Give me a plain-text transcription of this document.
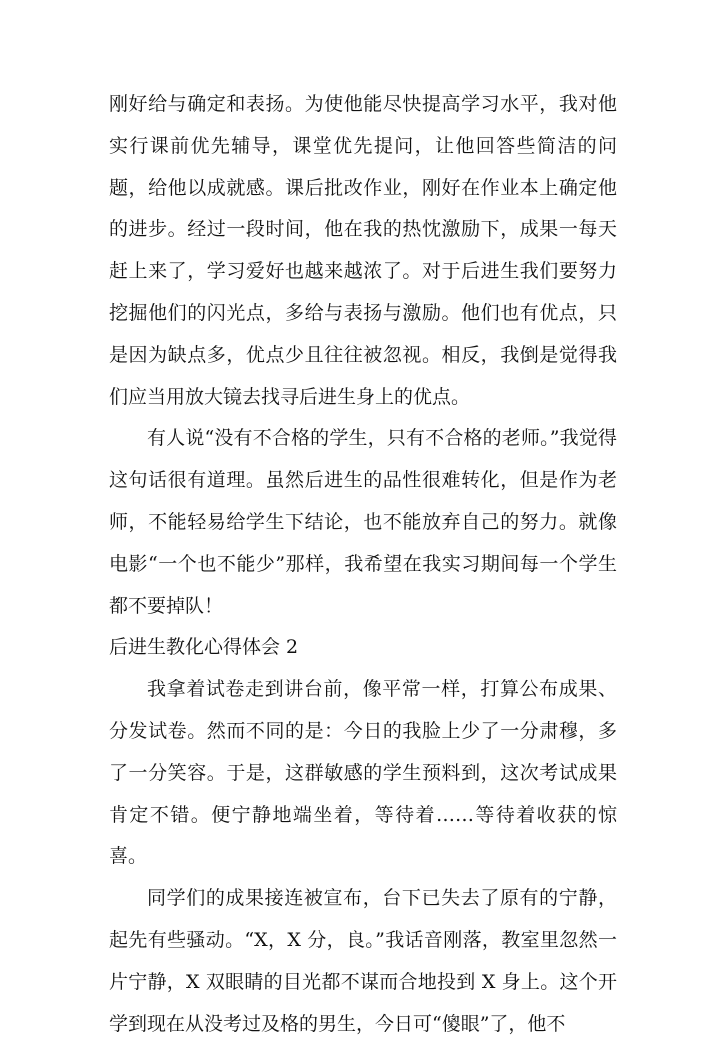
刚好给与确定和表扬。为使他能尽快提高学习水平，我对他实行课前优先辅导，课堂优先提问，让他回答些简洁的问题，给他以成就感。课后批改作业，刚好在作业本上确定他的进步。经过一段时间，他在我的热忱激励下，成果一每天赶上来了，学习爱好也越来越浓了。对于后进生我们要努力挖掘他们的闪光点，多给与表扬与激励。他们也有优点，只是因为缺点多，优点少且往往被忽视。相反，我倒是觉得我们应当用放大镜去找寻后进生身上的优点。

有人说“没有不合格的学生，只有不合格的老师。”我觉得这句话很有道理。虽然后进生的品性很难转化，但是作为老师，不能轻易给学生下结论，也不能放弃自己的努力。就像电影“一个也不能少”那样，我希望在我实习期间每一个学生都不要掉队！

后进生教化心得体会 2

我拿着试卷走到讲台前，像平常一样，打算公布成果、分发试卷。然而不同的是：今日的我脸上少了一分肃穆，多了一分笑容。于是，这群敏感的学生预料到，这次考试成果肯定不错。便宁静地端坐着，等待着……等待着收获的惊喜。

同学们的成果接连被宣布，台下已失去了原有的宁静，起先有些骚动。“X，X 分，良。”我话音刚落，教室里忽然一片宁静，X 双眼睛的目光都不谋而合地投到 X 身上。这个开学到现在从没考过及格的男生，今日可“傻眼”了，他不
